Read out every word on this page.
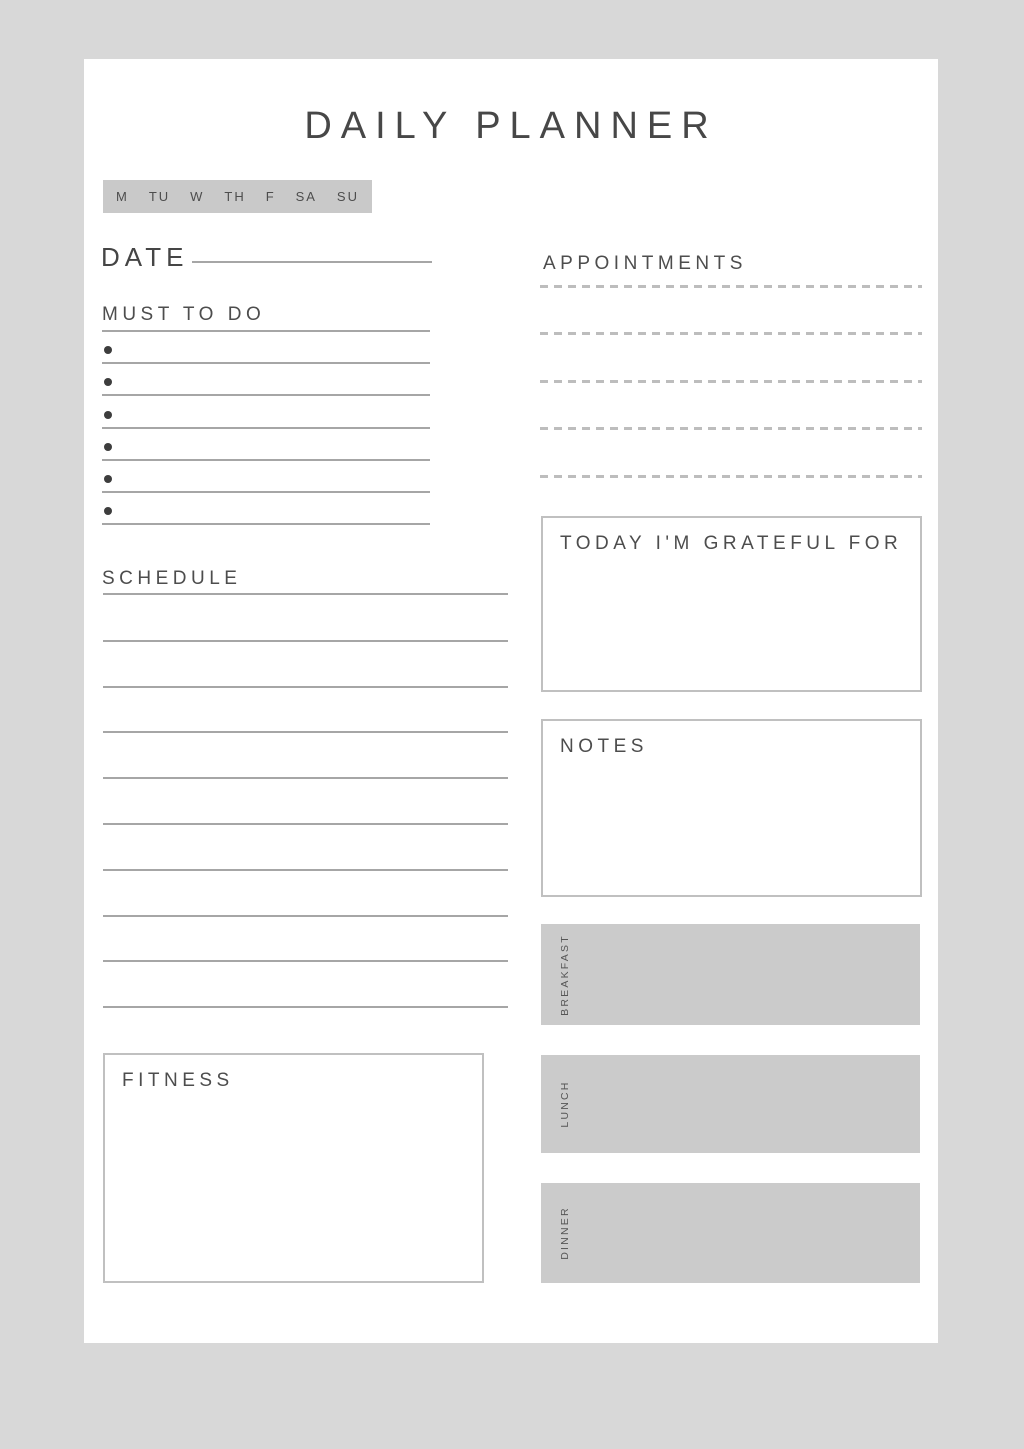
DAILY PLANNER
M TU W TH F SA SU
DATE
MUST TO DO
SCHEDULE
FITNESS
APPOINTMENTS
TODAY I'M GRATEFUL FOR
NOTES
BREAKFAST
LUNCH
DINNER
